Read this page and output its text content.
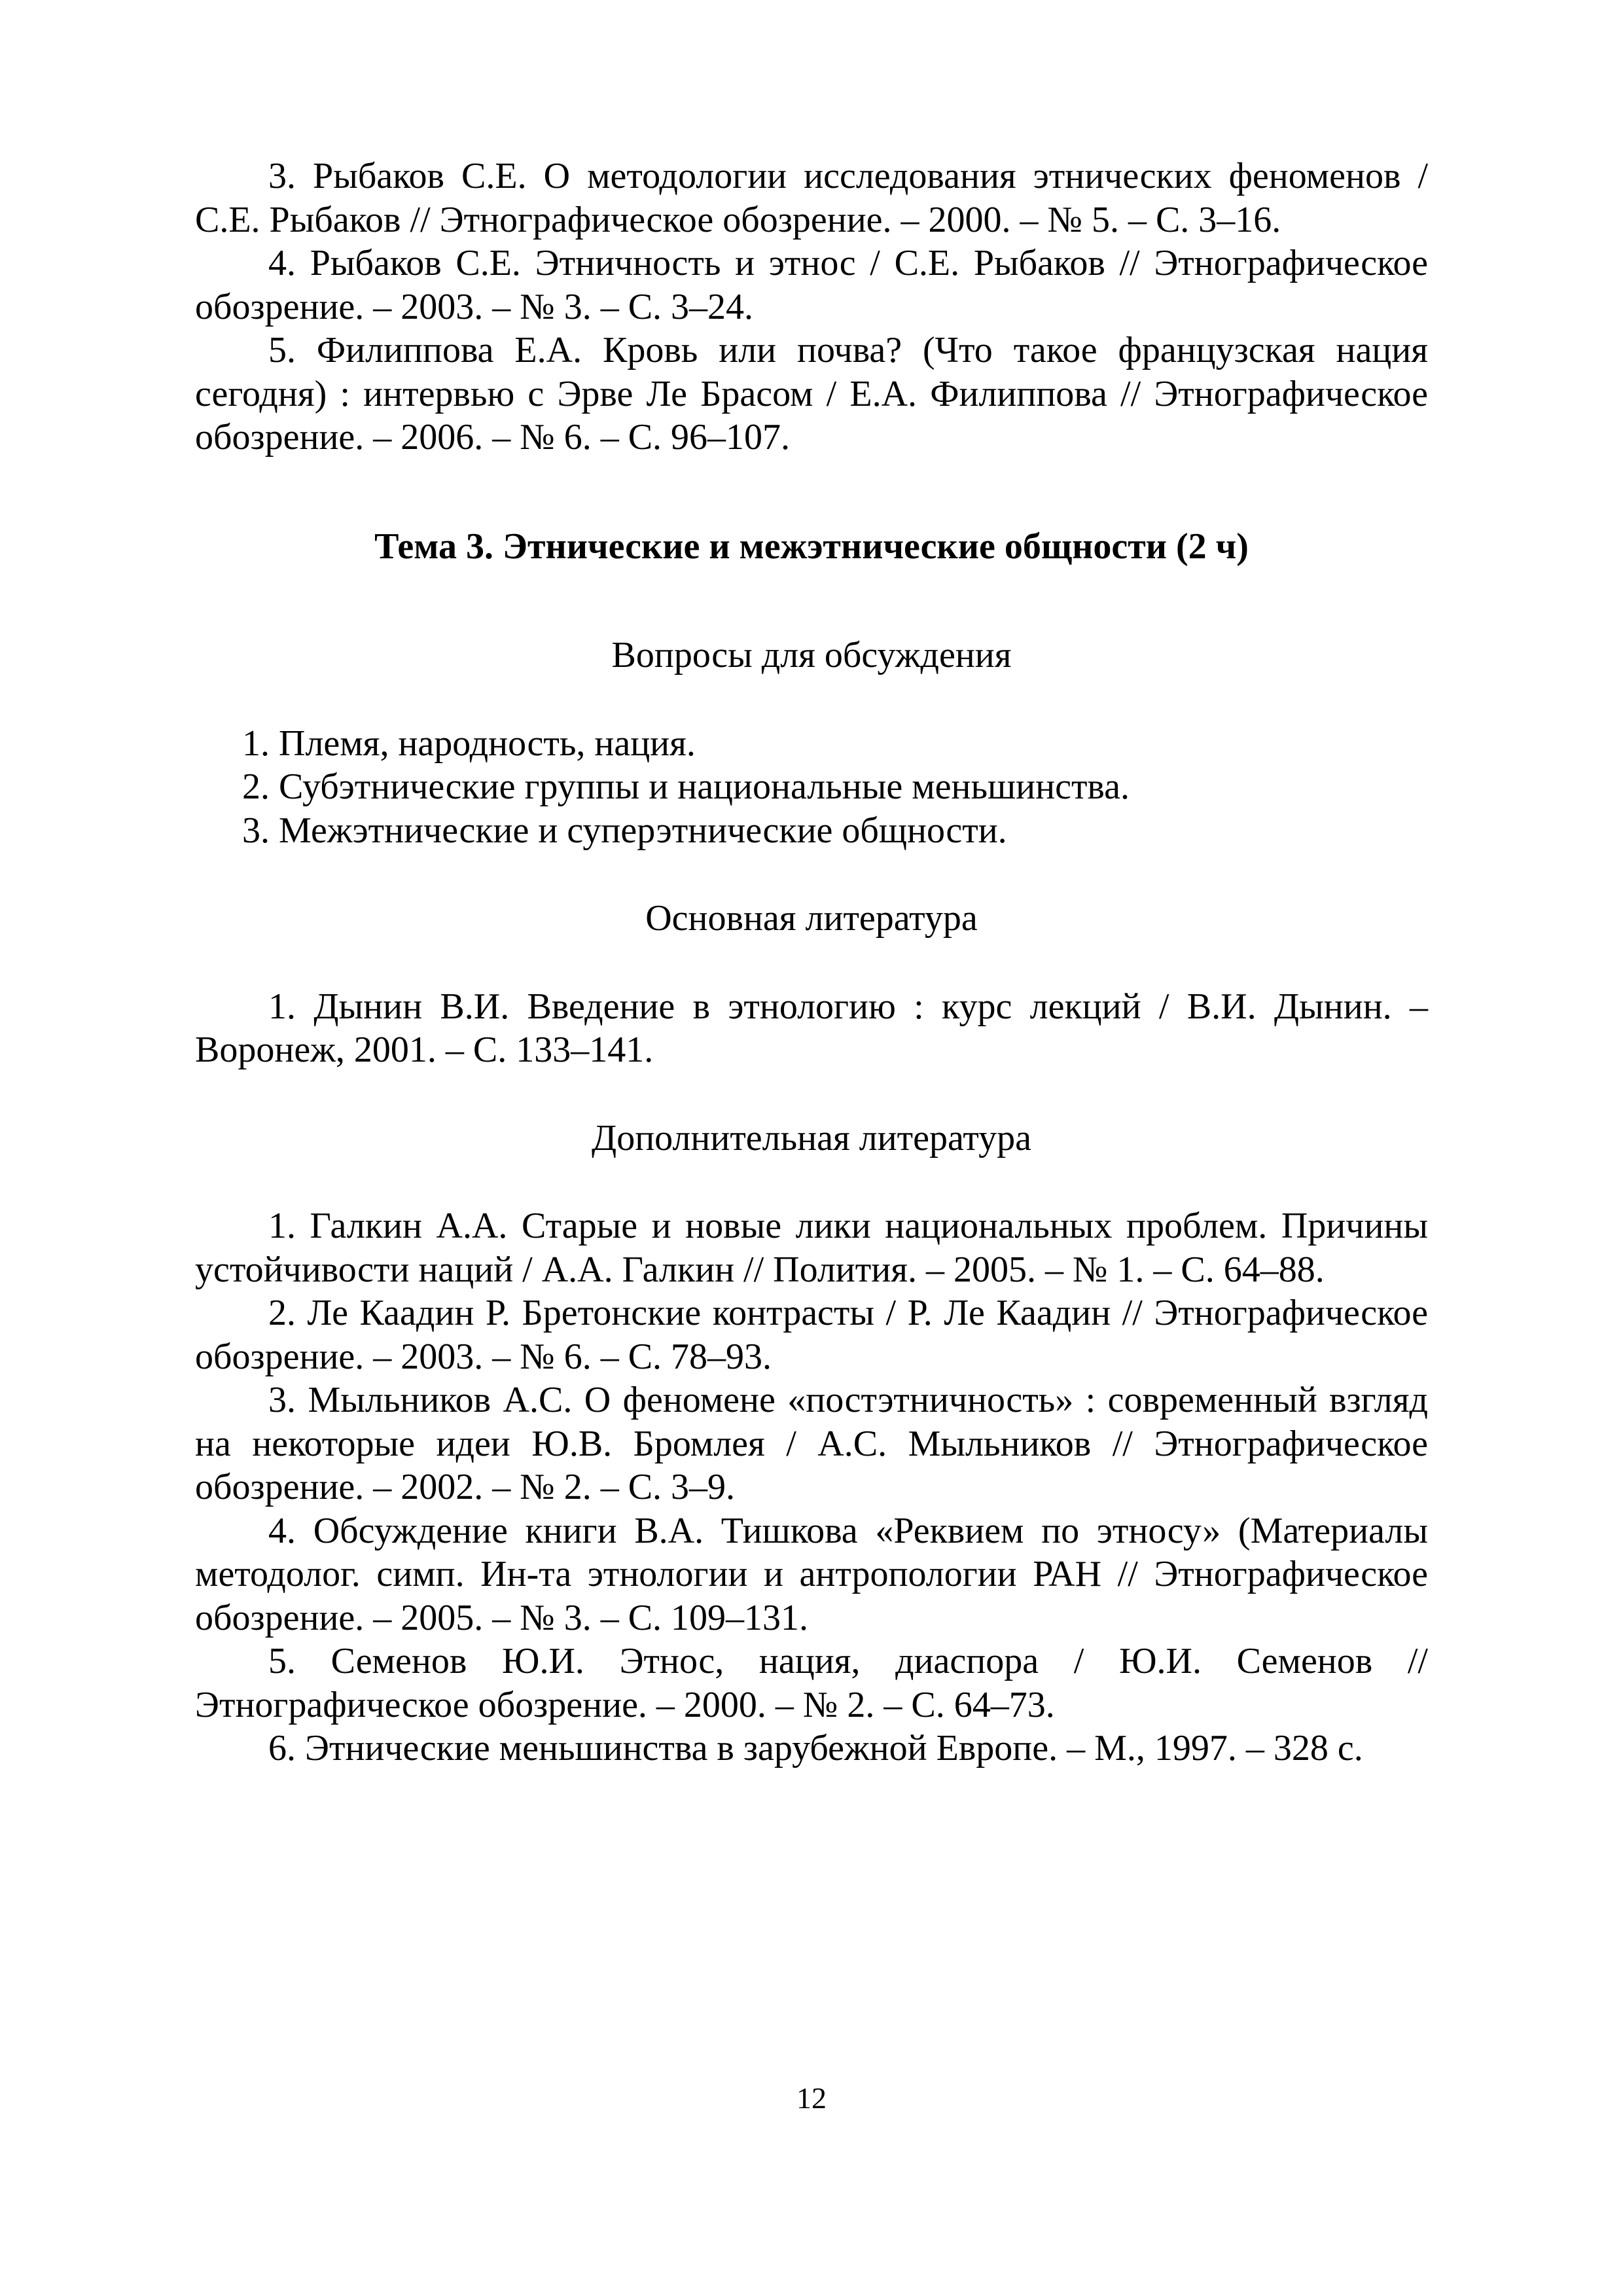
3. Рыбаков С.Е. О методологии исследования этнических феноменов / С.Е. Рыбаков // Этнографическое обозрение. – 2000. – № 5. – С. 3–16.

4. Рыбаков С.Е. Этничность и этнос / С.Е. Рыбаков // Этнографическое обозрение. – 2003. – № 3. – С. 3–24.

5. Филиппова Е.А. Кровь или почва? (Что такое французская нация сегодня) : интервью с Эрве Ле Брасом / Е.А. Филиппова // Этнографическое обозрение. – 2006. – № 6. – С. 96–107.

Тема 3. Этнические и межэтнические общности (2 ч)

Вопросы для обсуждения

1. Племя, народность, нация.

2. Субэтнические группы и национальные меньшинства.

3. Межэтнические и суперэтнические общности.

Основная литература

1. Дынин В.И. Введение в этнологию : курс лекций / В.И. Дынин. – Воронеж, 2001. – С. 133–141.

Дополнительная литература

1. Галкин А.А. Старые и новые лики национальных проблем. Причины устойчивости наций / А.А. Галкин // Полития. – 2005. – № 1. – С. 64–88.

2. Ле Каадин Р. Бретонские контрасты / Р. Ле Каадин // Этнографическое обозрение. – 2003. – № 6. – С. 78–93.

3. Мыльников А.С. О феномене «постэтничность» : современный взгляд на некоторые идеи Ю.В. Бромлея / А.С. Мыльников // Этнографическое обозрение. – 2002. – № 2. – С. 3–9.

4. Обсуждение книги В.А. Тишкова «Реквием по этносу» (Материалы методолог. симп. Ин-та этнологии и антропологии РАН // Этнографическое обозрение. – 2005. – № 3. – С. 109–131.

5. Семенов Ю.И. Этнос, нация, диаспора / Ю.И. Семенов // Этнографическое обозрение. – 2000. – № 2. – С. 64–73.

6. Этнические меньшинства в зарубежной Европе. – М., 1997. – 328 с.

12
